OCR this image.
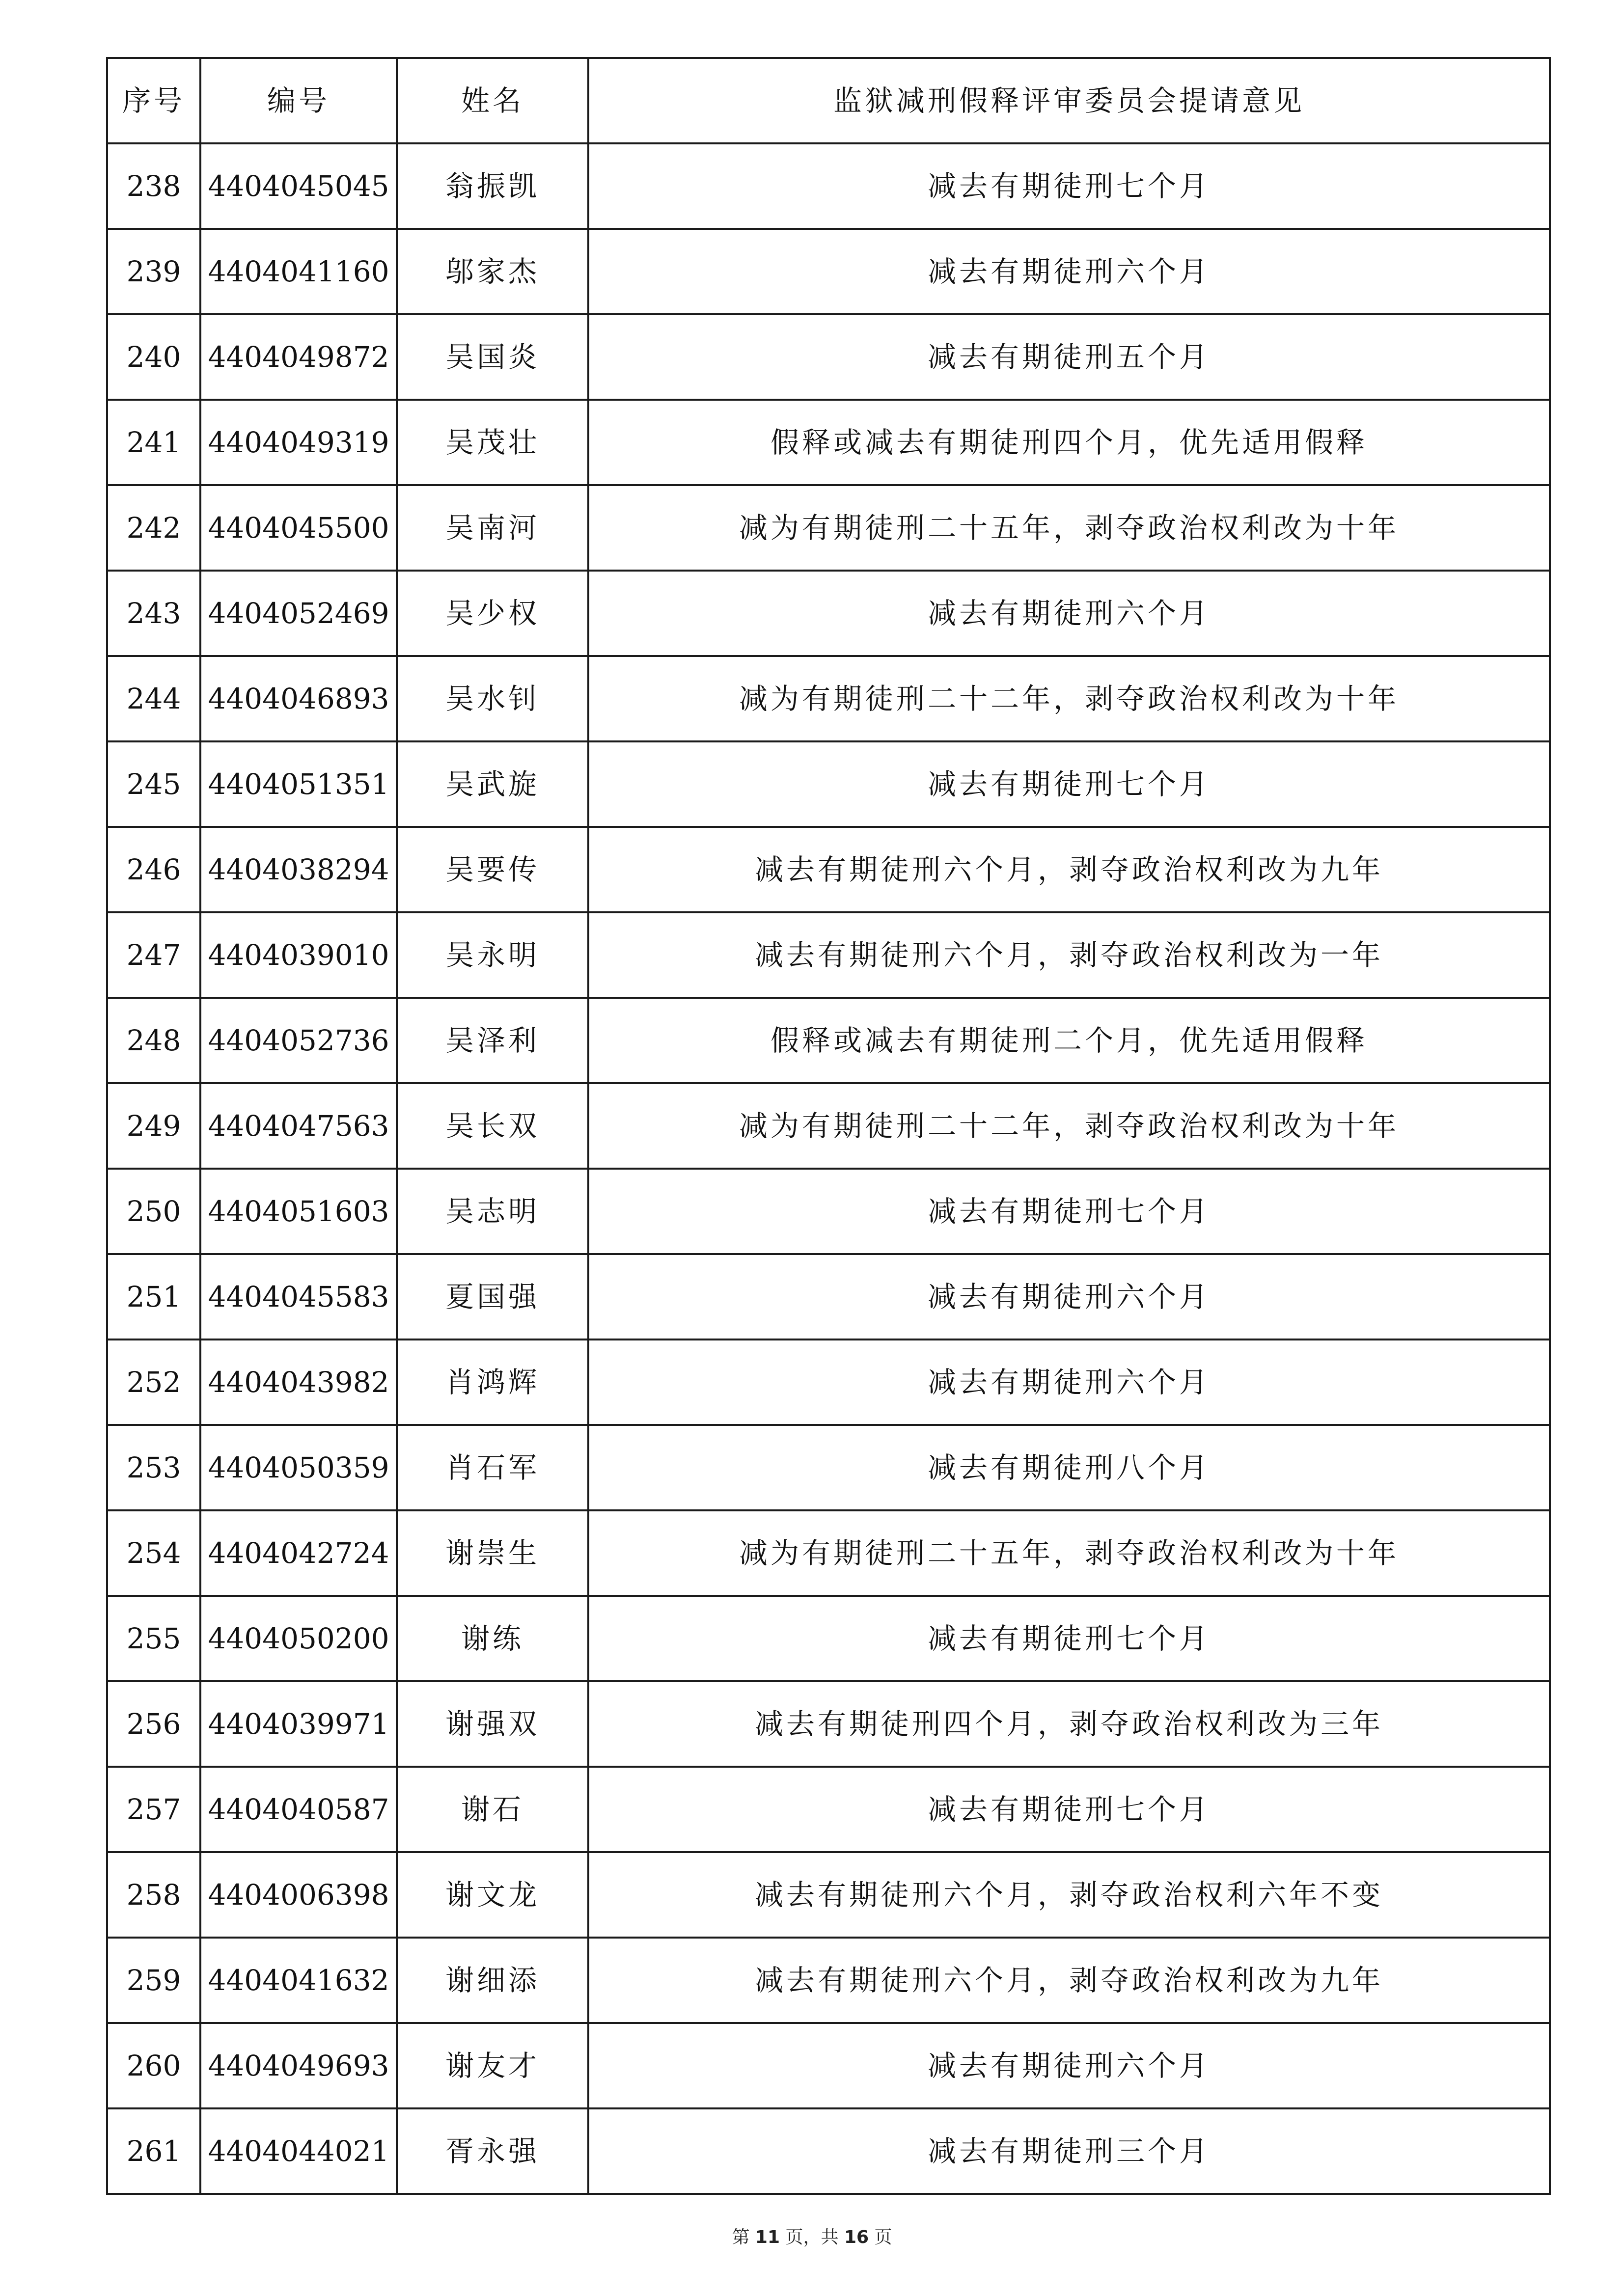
序号	编号	姓名	监狱减刑假释评审委员会提请意见
238	4404045045	翁振凯	减去有期徒刑七个月
239	4404041160	邬家杰	减去有期徒刑六个月
240	4404049872	吴国炎	减去有期徒刑五个月
241	4404049319	吴茂壮	假释或减去有期徒刑四个月，优先适用假释
242	4404045500	吴南河	减为有期徒刑二十五年，剥夺政治权利改为十年
243	4404052469	吴少权	减去有期徒刑六个月
244	4404046893	吴水钊	减为有期徒刑二十二年，剥夺政治权利改为十年
245	4404051351	吴武旋	减去有期徒刑七个月
246	4404038294	吴要传	减去有期徒刑六个月，剥夺政治权利改为九年
247	4404039010	吴永明	减去有期徒刑六个月，剥夺政治权利改为一年
248	4404052736	吴泽利	假释或减去有期徒刑二个月，优先适用假释
249	4404047563	吴长双	减为有期徒刑二十二年，剥夺政治权利改为十年
250	4404051603	吴志明	减去有期徒刑七个月
251	4404045583	夏国强	减去有期徒刑六个月
252	4404043982	肖鸿辉	减去有期徒刑六个月
253	4404050359	肖石军	减去有期徒刑八个月
254	4404042724	谢崇生	减为有期徒刑二十五年，剥夺政治权利改为十年
255	4404050200	谢练	减去有期徒刑七个月
256	4404039971	谢强双	减去有期徒刑四个月，剥夺政治权利改为三年
257	4404040587	谢石	减去有期徒刑七个月
258	4404006398	谢文龙	减去有期徒刑六个月，剥夺政治权利六年不变
259	4404041632	谢细添	减去有期徒刑六个月，剥夺政治权利改为九年
260	4404049693	谢友才	减去有期徒刑六个月
261	4404044021	胥永强	减去有期徒刑三个月
第 11 页，共 16 页
